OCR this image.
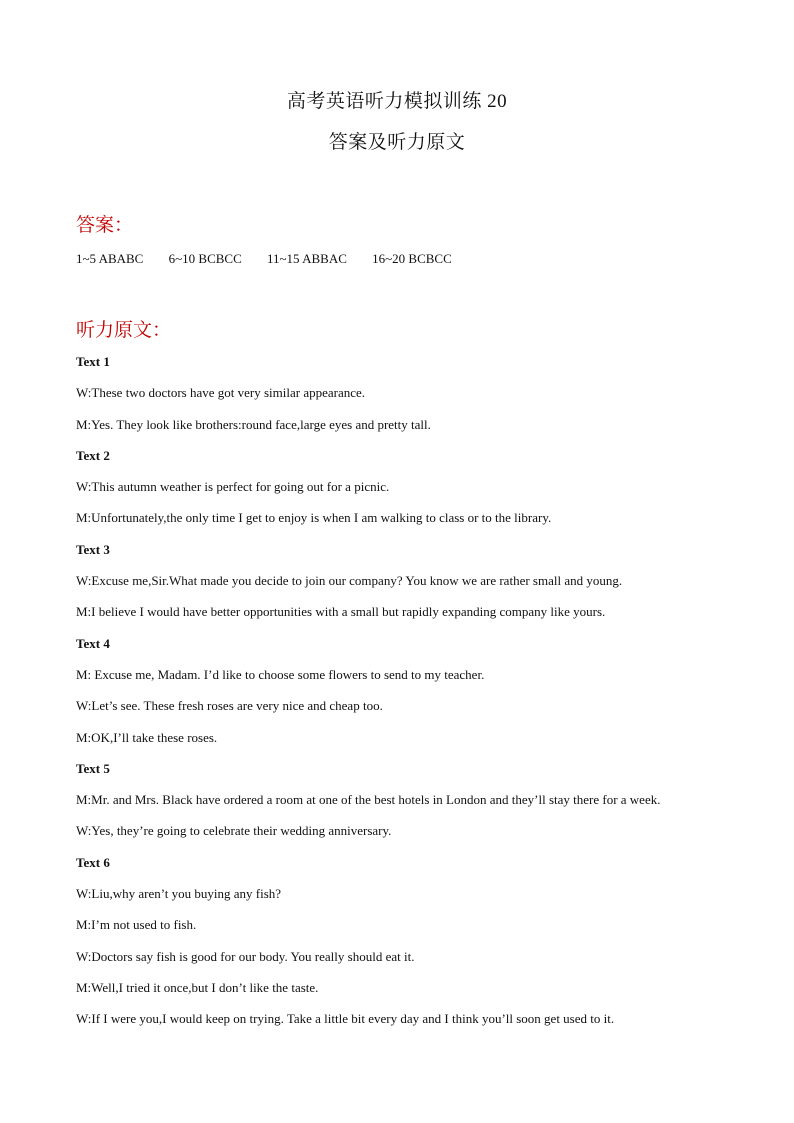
高考英语听力模拟训练 20
答案及听力原文
答案：
1~5 ABABC 6~10 BCBCC 11~15 ABBAC 16~20 BCBCC
听力原文：
Text 1
W:These two doctors have got very similar appearance.
M:Yes. They look like brothers:round face,large eyes and pretty tall.
Text 2
W:This autumn weather is perfect for going out for a picnic.
M:Unfortunately,the only time I get to enjoy is when I am walking to class or to the library.
Text 3
W:Excuse me,Sir.What made you decide to join our company? You know we are rather small and young.
M:I believe I would have better opportunities with a small but rapidly expanding company like yours.
Text 4
M: Excuse me, Madam. I’d like to choose some flowers to send to my teacher.
W:Let’s see. These fresh roses are very nice and cheap too.
M:OK,I’ll take these roses.
Text 5
M:Mr. and Mrs. Black have ordered a room at one of the best hotels in London and they’ll stay there for a week.
W:Yes, they’re going to celebrate their wedding anniversary.
Text 6
W:Liu,why aren’t you buying any fish?
M:I’m not used to fish.
W:Doctors say fish is good for our body. You really should eat it.
M:Well,I tried it once,but I don’t like the taste.
W:If I were you,I would keep on trying. Take a little bit every day and I think you’ll soon get used to it.
